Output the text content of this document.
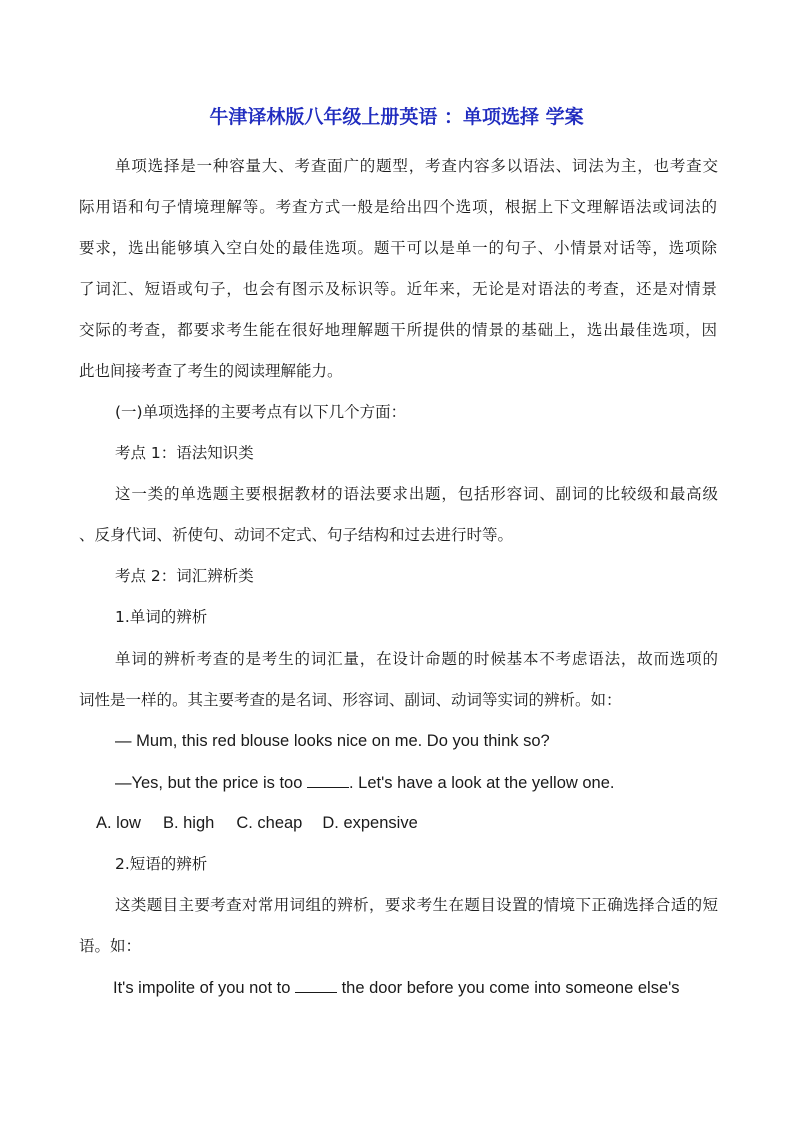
牛津译林版八年级上册英语 ：单项选择 学案
单项选择是一种容量大、考查面广的题型，考查内容多以语法、词法为主，也考查交
际用语和句子情境理解等。考查方式一般是给出四个选项，根据上下文理解语法或词法的
要求，选出能够填入空白处的最佳选项。题干可以是单一的句子、小情景对话等，选项除
了词汇、短语或句子，也会有图示及标识等。近年来，无论是对语法的考查，还是对情景
交际的考查，都要求考生能在很好地理解题干所提供的情景的基础上，选出最佳选项，因
此也间接考查了考生的阅读理解能力。
(一)单项选择的主要考点有以下几个方面：
考点 1：语法知识类
这一类的单选题主要根据教材的语法要求出题，包括形容词、副词的比较级和最高级
、反身代词、祈使句、动词不定式、句子结构和过去进行时等。
考点 2：词汇辨析类
1.单词的辨析
单词的辨析考查的是考生的词汇量，在设计命题的时候基本不考虑语法，故而选项的
词性是一样的。其主要考查的是名词、形容词、副词、动词等实词的辨析。如：
— Mum, this red blouse looks nice on me. Do you think so?
—Yes, but the price is too	. Let's have a look at the yellow one.
A. low B. high C. cheap D. expensive
2.短语的辨析
这类题目主要考查对常用词组的辨析，要求考生在题目设置的情境下正确选择合适的短
语。如：
It's impolite of you not to	the door before you come into someone else's
